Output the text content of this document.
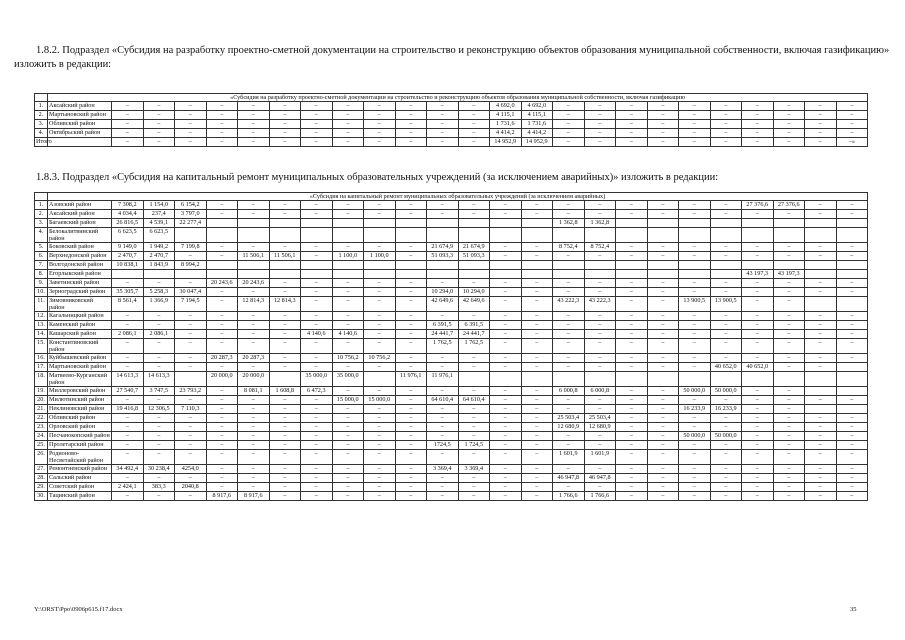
1.8.2. Подраздел «Субсидия на разработку проектно-сметной документации на строительство и реконструкцию объектов образования муниципальной собственности, включая газификацию» изложить в редакции:
	«Субсидия на разработку проектно-сметной документации на строительство и реконструкцию объектов образования муниципальной собственности, включая газификацию																								
1.	Аксайский район	–	–	–	–	–	–	–	–	–	–	–	–	4 692,0	4 692,0	–	–	–	–	–	–	–	–	–	–
2.	Мартыновский район	–	–	–	–	–	–	–	–	–	–	–	–	4 115,1	4 115,1	–	–	–	–	–	–	–	–	–	–
3.	Обливский район	–	–	–	–	–	–	–	–	–	–	–	–	1 731,6	1 731,6	–	–	–	–	–	–	–	–	–	–
4.	Октябрьский район	–	–	–	–	–	–	–	–	–	–	–	–	4 414,2	4 414,2	–	–	–	–	–	–	–	–	–	–
Итого		–	–	–	–	–	–	–	–	–	–	–	–	14 952,9	14 952,9	–	–	–	–	–	–	–	–	–	–»
1.8.3. Подраздел «Субсидия на капитальный ремонт муниципальных образовательных учреждений (за исключением аварийных)» изложить в редакции:
	«Субсидия на капитальный ремонт муниципальных образовательных учреждений (за исключением аварийных)																								
1.	Азовский район	7 308,2	1 154,0	6 154,2	–	–	–	–	–	–	–	–	–	–	–	–	–	–	–	–	–	27 376,6	27 376,6	–	–
2.	Аксайский район	4 034,4	237,4	3 797,0	–	–	–	–	–	–	–	–	–	–	–	–	–	–	–	–	–	–	–	–	–
3.	Багаевский район	26 816,5	4 539,1	22 277,4												1 362,8	1 362,8								
4.	Белокалитвинский район	6 623,5	6 623,5																						
5.	Боковский район	9 149,0	1 949,2	7 199,8	–	–	–	–	–	–	–	21 674,9	21 674,9	–	–	8 752,4	8 752,4	–	–	–	–	–	–	–	–
6.	Верхнедонской район	2 470,7	2 470,7	–	–	11 506,1	11 506,1	–	1 100,0	1 100,0	–	51 093,3	51 093,3	–	–	–	–	–	–	–	–	–	–	–	–
7.	Волгодонской район	10 838,1	1 843,9	8 994,2																					
8.	Егорлыкский район																					43 197,3	43 197,3		
9.	Заветинский район	–	–	–	20 243,6	20 243,6	–	–	–	–	–	–	–	–	–	–	–	–	–	–	–	–	–	–	–
10.	Зерноградский район	35 305,7	5 258,3	30 047,4	–	–	–	–	–	–	–	10 294,0	10 294,0	–	–	–	–	–	–	–	–	–	–	–	–
11.	Зимовниковский район	8 561,4	1 366,9	7 194,5	–	12 814,3	12 814,3	–	–	–	–	42 649,6	42 649,6	–	–	43 222,3	43 222,3	–	–	13 900,5	13 900,5	–	–		
12.	Кагальницкий район	–	–	–	–	–	–	–	–	–	–	–	–	–	–	–	–	–	–	–	–	–	–	–	–
13.	Каменский район	–	–	–	–	–	–	–	–	–	–	6 391,5	6 391,5	–	–	–	–	–	–	–	–	–	–	–	–
14.	Кашарский район	2 086,1	2 086,1	–	–	–	–	4 140,6	4 140,6	–	–	24 441,7	24 441,7	–	–	–	–	–	–	–	–	–	–	–	–
15.	Константиновский район	–	–	–	–	–	–	–	–	–	–	1 762,5	1 762,5	–	–	–	–	–	–	–	–	–	–	–	–
16.	Куйбышевский район	–	–	–	20 287,3	20 287,3	–	–	10 756,2	10 756,2	–	–	–	–	–	–	–	–	–	–	–	–	–	–	–
17.	Мартыновский район	–	–	–	–	–	–	–	–	–	–	–	–	–	–	–	–	–	–	–	40 652,0	40 652,0	–	–	
18.	Матвеево-Курганский район	14 613,3	14 613,3		20 000,0	20 000,0		35 000,0	35 000,0		11 976,1	11 976,1													
19.	Миллеровский район	27 540,7	3 747,5	23 793,2	–	8 081,1	1 608,8	6 472,3	–	–	–	–	–	–	–	6 000,8	6 000,8	–	–	50 000,0	50 000,0	–	–		
20.	Милютинский район	–	–	–	–	–	–	–	15 000,0	15 000,0	–	64 610,4	64 610,4	–	–	–	–	–	–	–	–	–	–	–	–
21.	Неклиновский район	19 416,8	12 306,5	7 110,3	–	–	–	–	–	–	–	–	–	–	–	–	–	–	–	16 233,9	16 233,9	–	–		
22.	Обливский район	–	–	–	–	–	–	–	–	–	–	–	–	–	–	25 503,4	25 503,4	–	–	–	–	–	–	–	–
23.	Орловский район	–	–	–	–	–	–	–	–	–	–	–	–	–	–	12 680,9	12 680,9	–	–	–	–	–	–	–	–
24.	Песчанокопский район	–	–	–	–	–	–	–	–	–	–	–	–	–	–	–	–	–	–	50 000,0	50 000,0	–	–	–	–
25.	Пролетарский район	–	–	–	–	–	–	–	–	–	–	1724,5	1 724,5	–	–	–	–	–	–	–	–	–	–	–	–
26.	Родионово-Несветайский район	–	–	–	–	–	–	–	–	–	–	–	–	–	–	1 601,9	1 601,9	–	–	–	–	–	–	–	–
27.	Ремонтненский район	34 492,4	30 238,4	4254,0	–	–	–	–	–	–	–	3 369,4	3 369,4	–	–	–	–	–	–	–	–	–	–	–	–
28.	Сальский район	–	–	–	–	–	–	–	–	–	–	–	–	–	–	46 947,8	46 947,8	–	–	–	–	–	–	–	–
29.	Советский район	2 424,1	383,3	2040,8	–	–	–	–	–	–	–	–	–	–	–	–	–	–	–	–	–	–	–	–	–
30.	Тацинский район	–	–	–	8 917,6	8 917,6	–	–	–	–	–	–	–	–	–	1 766,6	1 766,6	–	–	–	–	–	–	–	–
Y:\ORST\Ppo\0906p615.f17.docx	35
